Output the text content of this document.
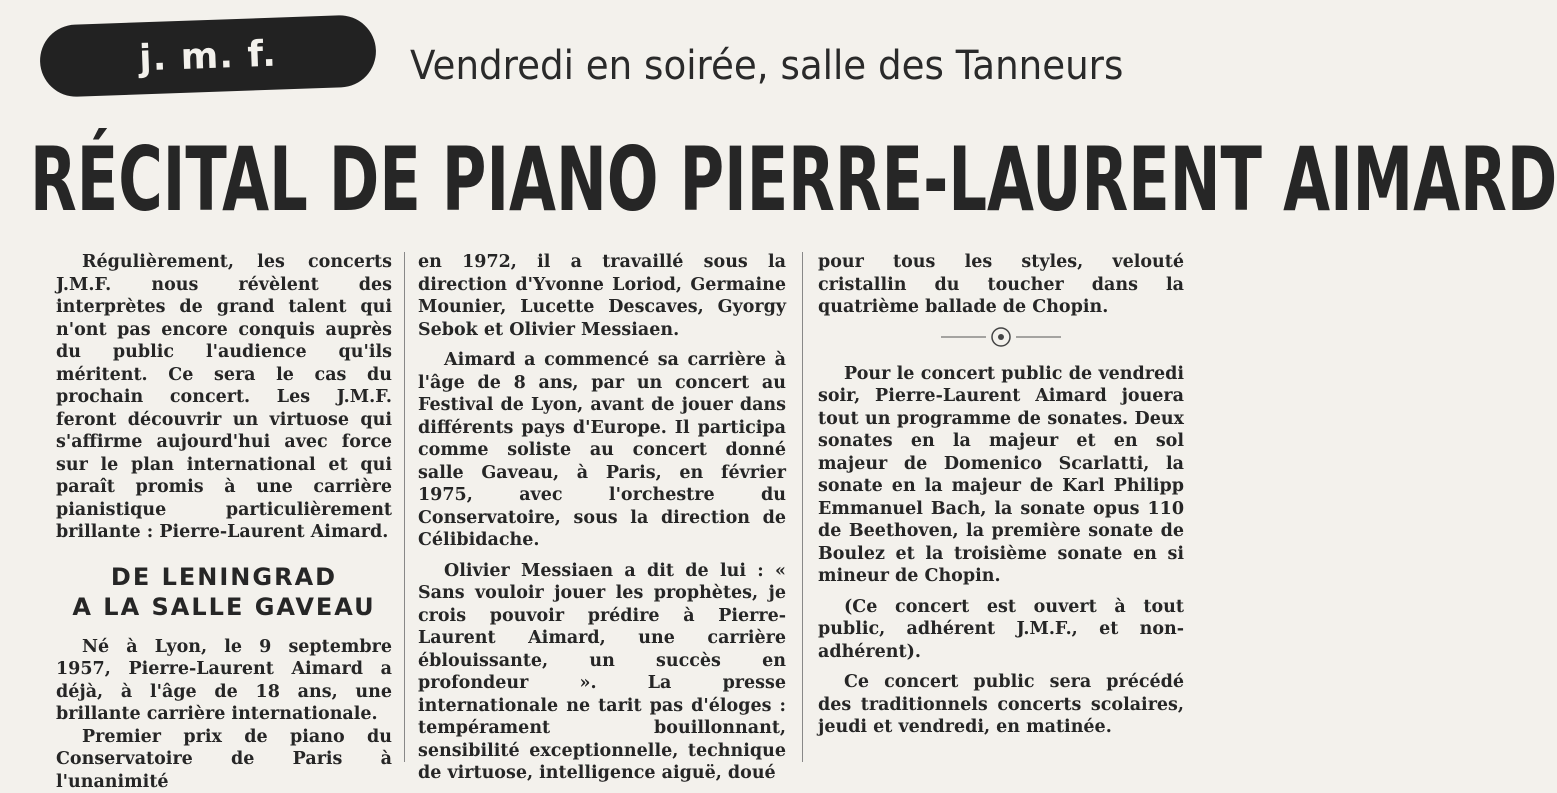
j. m. f.	Vendredi en soirée, salle des Tanneurs
RÉCITAL DE PIANO PIERRE-LAURENT AIMARD

Régulièrement, les concerts J.M.F. nous révèlent des interprètes de grand talent qui n'ont pas encore conquis auprès du public l'audience qu'ils méritent. Ce sera le cas du prochain concert. Les J.M.F. feront découvrir un virtuose qui s'affirme aujourd'hui avec force sur le plan international et qui paraît promis à une carrière pianistique particulièrement brillante : Pierre-Laurent Aimard.

DE LENINGRAD
A LA SALLE GAVEAU

Né à Lyon, le 9 septembre 1957, Pierre-Laurent Aimard a déjà, à l'âge de 18 ans, une brillante carrière internationale.

Premier prix de piano du Conservatoire de Paris à l'unanimité

en 1972, il a travaillé sous la direction d'Yvonne Loriod, Germaine Mounier, Lucette Descaves, Gyorgy Sebok et Olivier Messiaen.

Aimard a commencé sa carrière à l'âge de 8 ans, par un concert au Festival de Lyon, avant de jouer dans différents pays d'Europe. Il participa comme soliste au concert donné salle Gaveau, à Paris, en février 1975, avec l'orchestre du Conservatoire, sous la direction de Célibidache.

Olivier Messiaen a dit de lui : « Sans vouloir jouer les prophètes, je crois pouvoir prédire à Pierre-Laurent Aimard, une carrière éblouissante, un succès en profondeur ». La presse internationale ne tarit pas d'éloges : tempérament bouillonnant, sensibilité exceptionnelle, technique de virtuose, intelligence aiguë, doué

pour tous les styles, velouté cristallin du toucher dans la quatrième ballade de Chopin.

Pour le concert public de vendredi soir, Pierre-Laurent Aimard jouera tout un programme de sonates. Deux sonates en la majeur et en sol majeur de Domenico Scarlatti, la sonate en la majeur de Karl Philipp Emmanuel Bach, la sonate opus 110 de Beethoven, la première sonate de Boulez et la troisième sonate en si mineur de Chopin.

(Ce concert est ouvert à tout public, adhérent J.M.F., et non-adhérent).

Ce concert public sera précédé des traditionnels concerts scolaires, jeudi et vendredi, en matinée.
